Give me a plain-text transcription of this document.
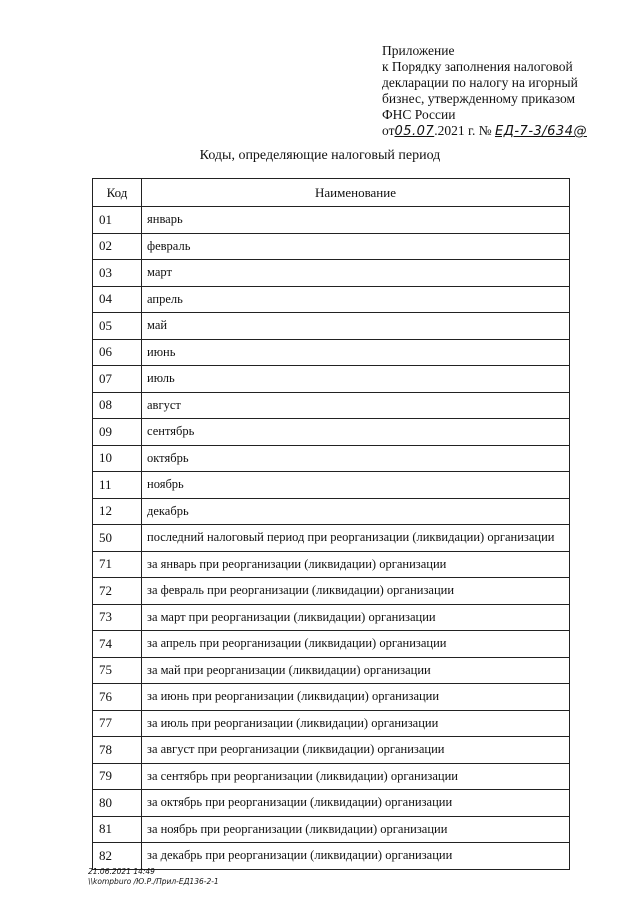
Приложение
к Порядку заполнения налоговой
декларации по налогу на игорный
бизнес, утвержденному приказом
ФНС России
от05.07.2021 г. № ЕД-7-3/634@
Коды, определяющие налоговый период
Код	Наименование
01	январь
02	февраль
03	март
04	апрель
05	май
06	июнь
07	июль
08	август
09	сентябрь
10	октябрь
11	ноябрь
12	декабрь
50	последний налоговый период при реорганизации (ликвидации) организации
71	за январь при реорганизации (ликвидации) организации
72	за февраль при реорганизации (ликвидации) организации
73	за март при реорганизации (ликвидации) организации
74	за апрель при реорганизации (ликвидации) организации
75	за май при реорганизации (ликвидации) организации
76	за июнь при реорганизации (ликвидации) организации
77	за июль при реорганизации (ликвидации) организации
78	за август при реорганизации (ликвидации) организации
79	за сентябрь при реорганизации (ликвидации) организации
80	за октябрь при реорганизации (ликвидации) организации
81	за ноябрь при реорганизации (ликвидации) организации
82	за декабрь при реорганизации (ликвидации) организации
21.06.2021 14:49
\\kompburo /Ю.Р./Прил-ЕД136-2-1
